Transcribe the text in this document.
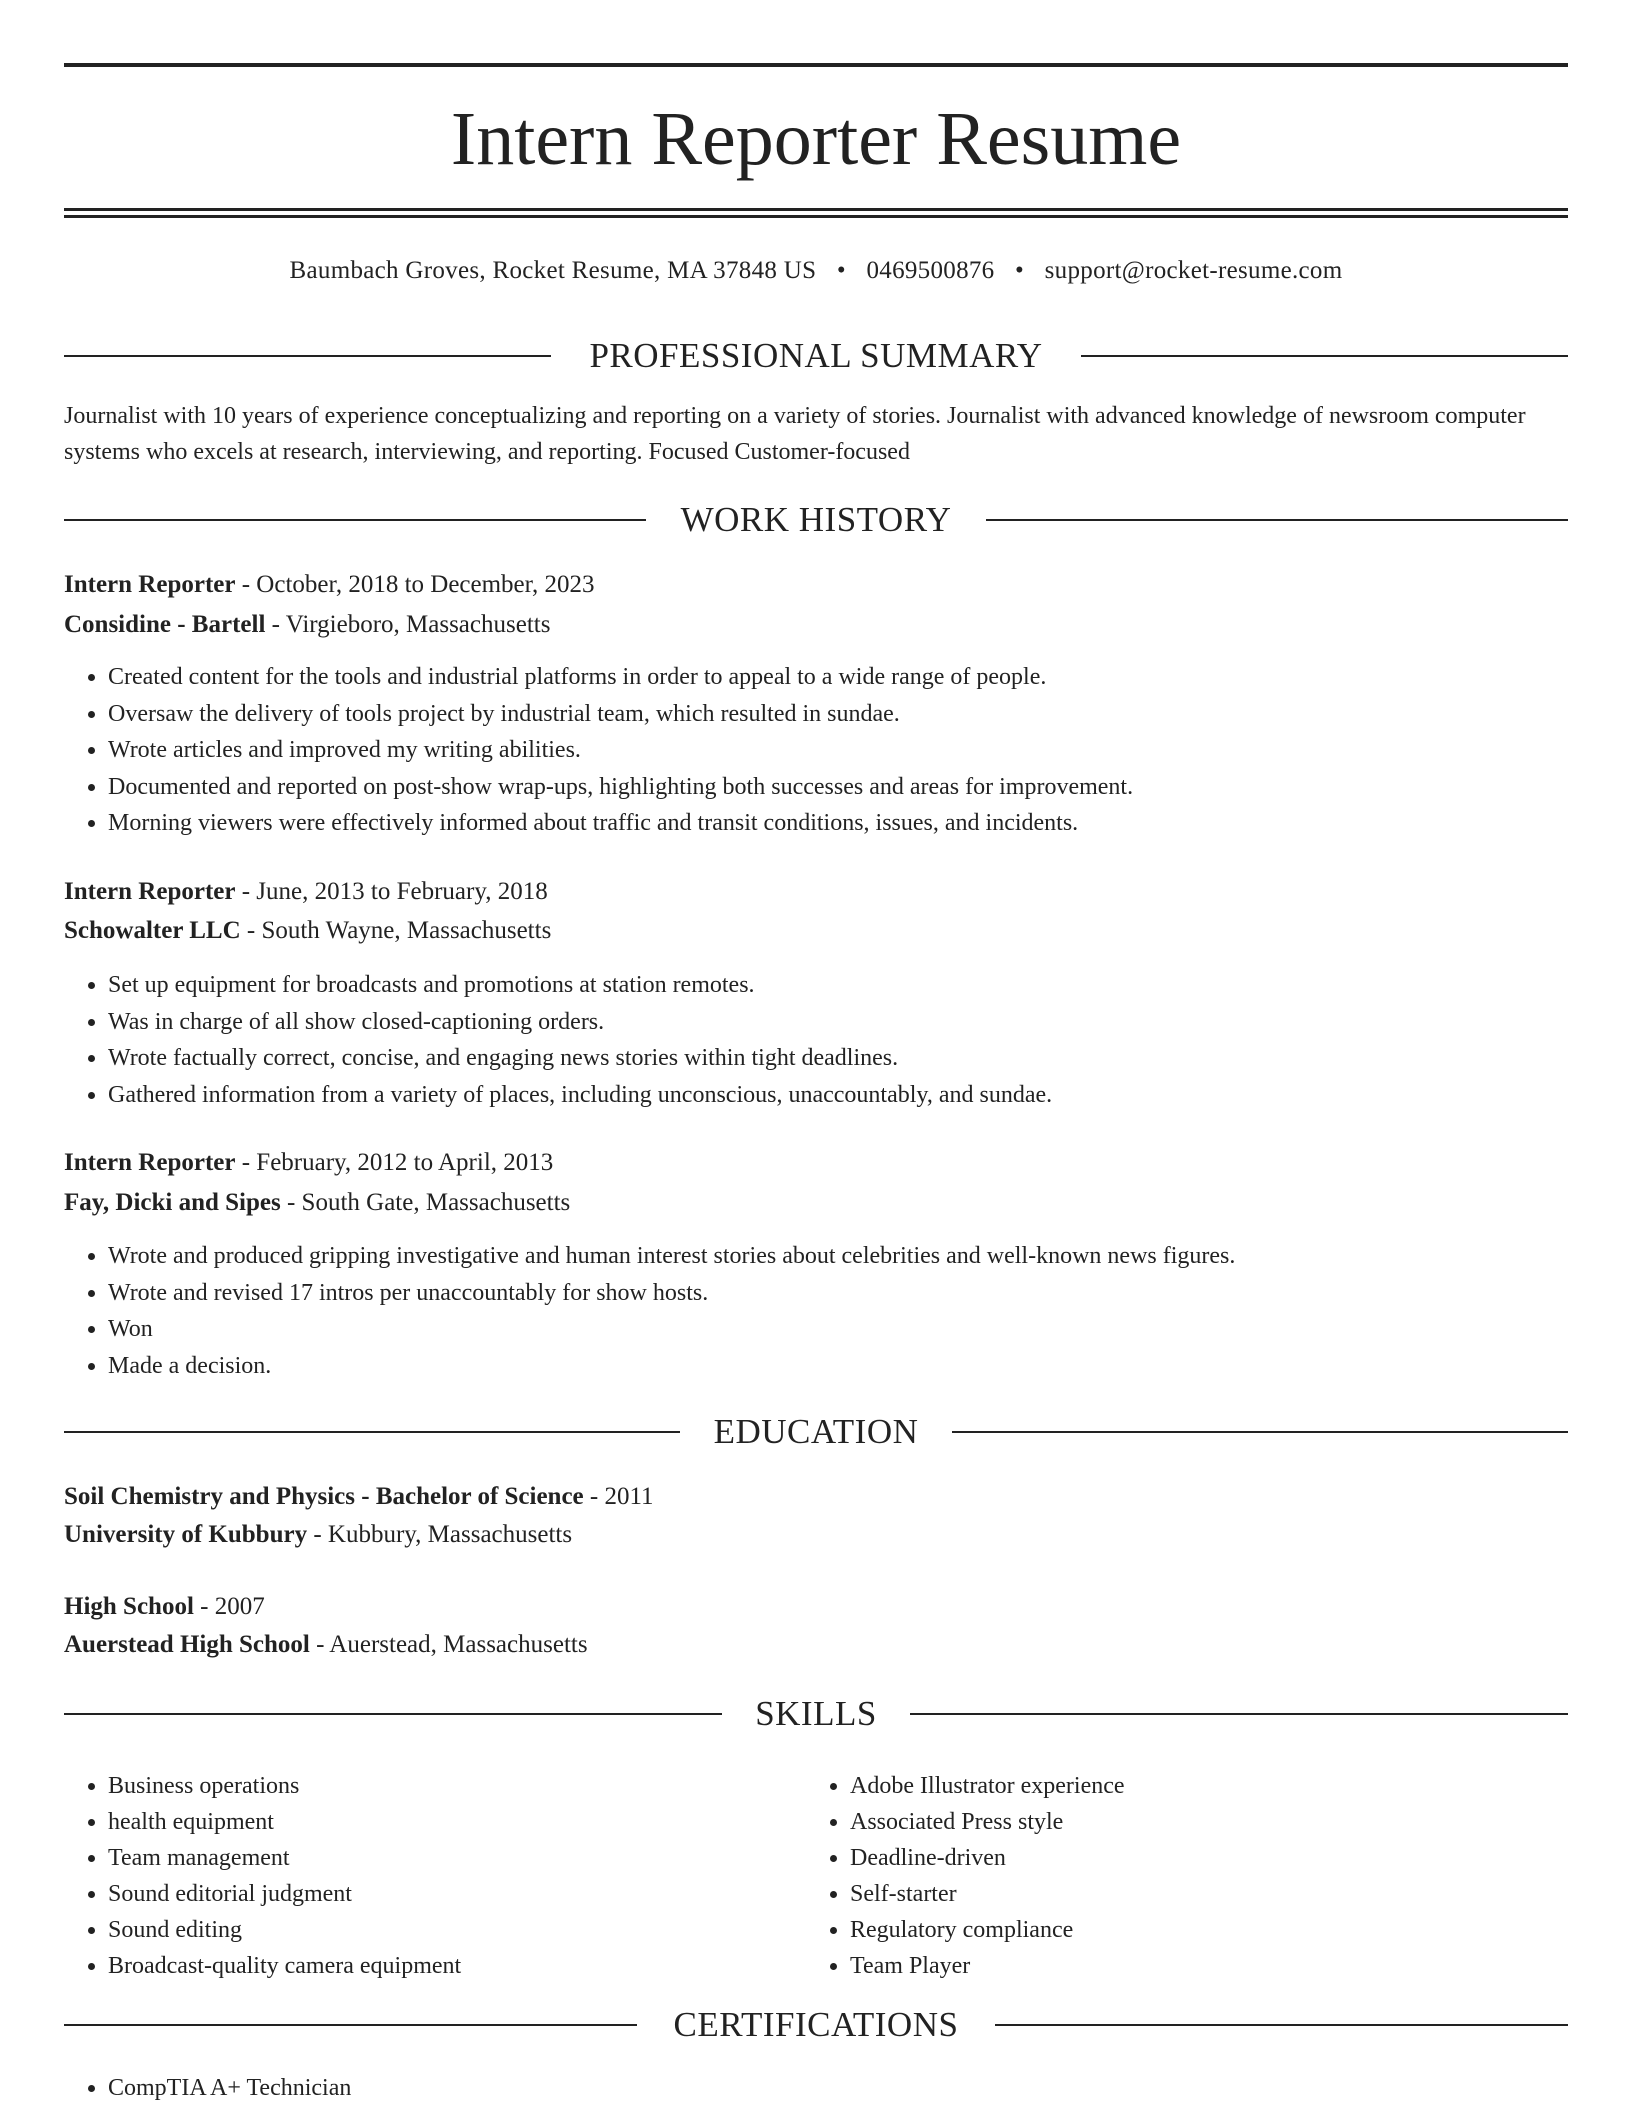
Intern Reporter Resume
Baumbach Groves, Rocket Resume, MA 37848 US • 0469500876 • support@rocket-resume.com
PROFESSIONAL SUMMARY

Journalist with 10 years of experience conceptualizing and reporting on a variety of stories. Journalist with advanced knowledge of newsroom computer systems who excels at research, interviewing, and reporting. Focused Customer-focused

WORK HISTORY
Intern Reporter - October, 2018 to December, 2023
Considine - Bartell - Virgieboro, Massachusetts
• Created content for the tools and industrial platforms in order to appeal to a wide range of people.
• Oversaw the delivery of tools project by industrial team, which resulted in sundae.
• Wrote articles and improved my writing abilities.
• Documented and reported on post-show wrap-ups, highlighting both successes and areas for improvement.
• Morning viewers were effectively informed about traffic and transit conditions, issues, and incidents.
Intern Reporter - June, 2013 to February, 2018
Schowalter LLC - South Wayne, Massachusetts
• Set up equipment for broadcasts and promotions at station remotes.
• Was in charge of all show closed-captioning orders.
• Wrote factually correct, concise, and engaging news stories within tight deadlines.
• Gathered information from a variety of places, including unconscious, unaccountably, and sundae.
Intern Reporter - February, 2012 to April, 2013
Fay, Dicki and Sipes - South Gate, Massachusetts
• Wrote and produced gripping investigative and human interest stories about celebrities and well-known news figures.
• Wrote and revised 17 intros per unaccountably for show hosts.
• Won
• Made a decision.
EDUCATION
Soil Chemistry and Physics - Bachelor of Science - 2011
University of Kubbury - Kubbury, Massachusetts
High School - 2007
Auerstead High School - Auerstead, Massachusetts
SKILLS
• Business operations
• health equipment
• Team management
• Sound editorial judgment
• Sound editing
• Broadcast-quality camera equipment
• Adobe Illustrator experience
• Associated Press style
• Deadline-driven
• Self-starter
• Regulatory compliance
• Team Player
CERTIFICATIONS
• CompTIA A+ Technician
